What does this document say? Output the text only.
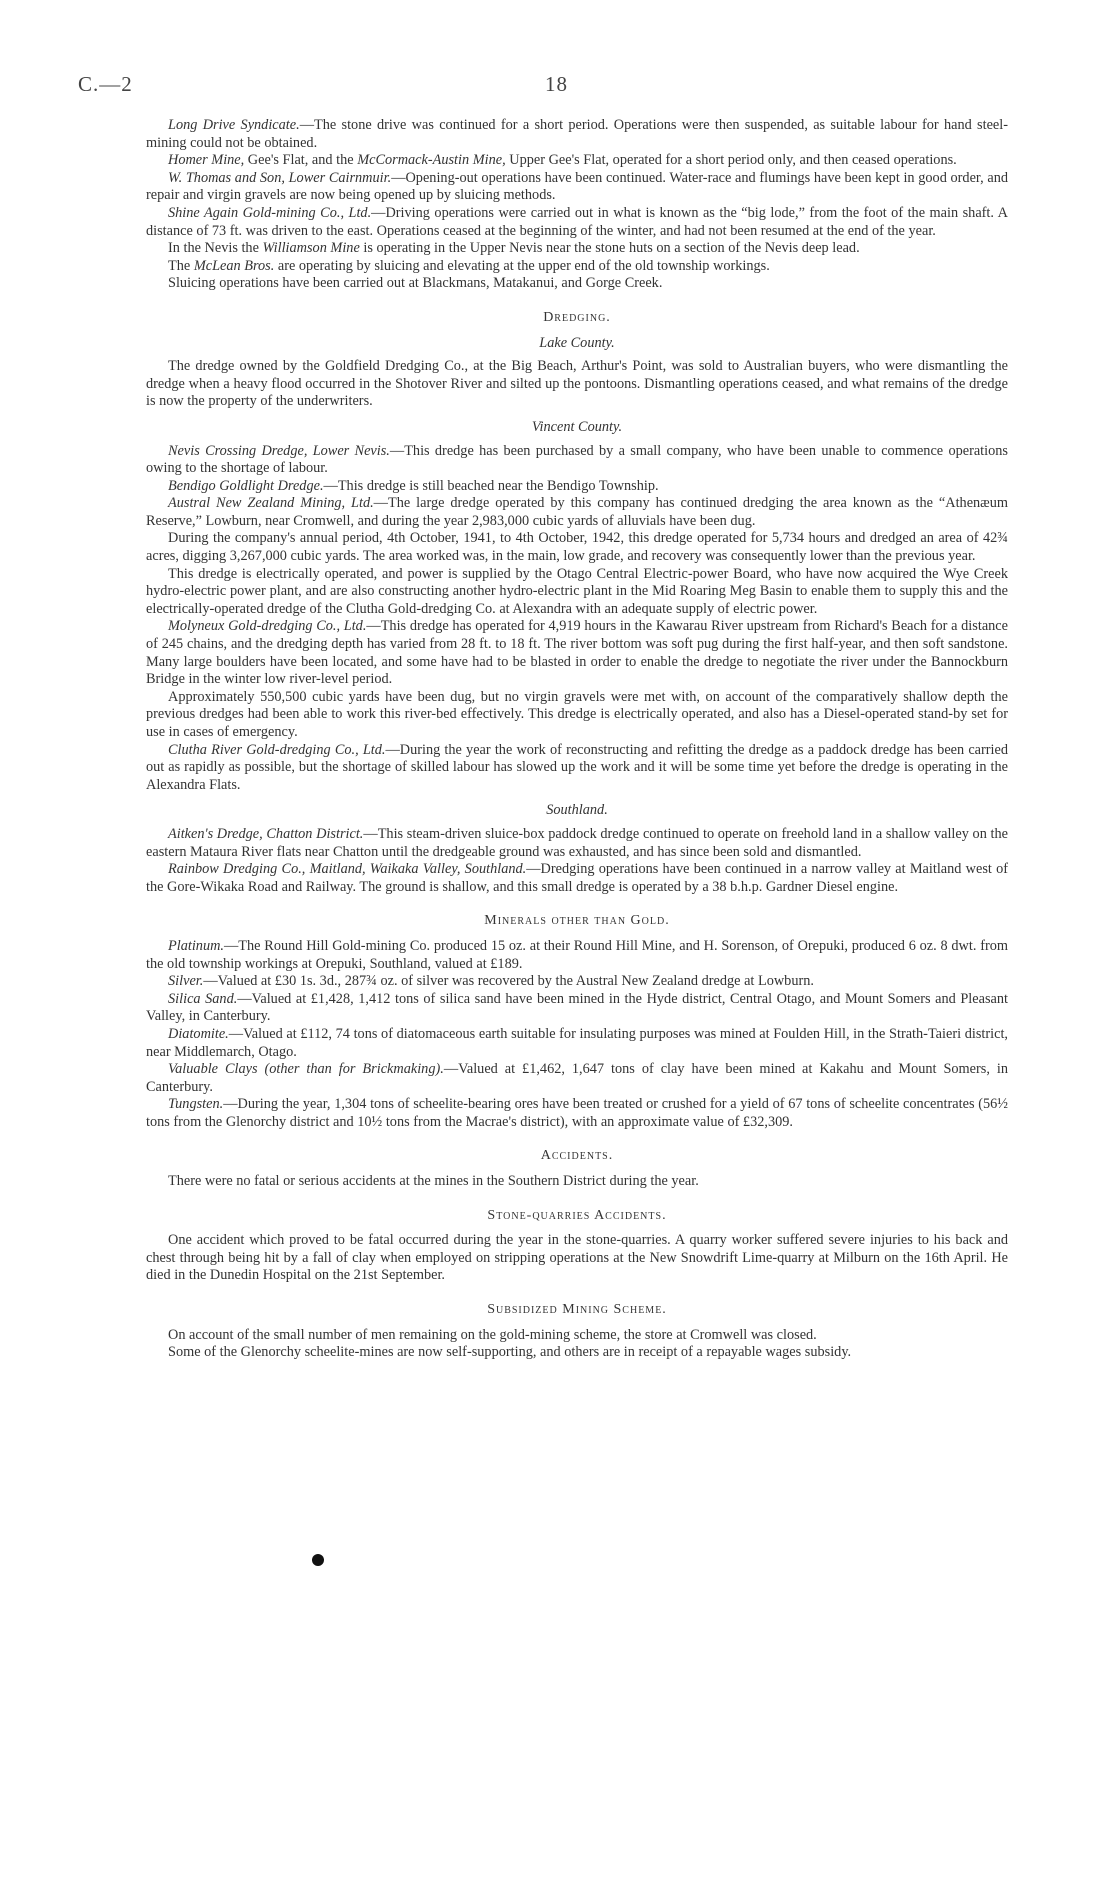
C.—2	18

Long Drive Syndicate.—The stone drive was continued for a short period. Operations were then suspended, as suitable labour for hand steel-mining could not be obtained.

Homer Mine, Gee's Flat, and the McCormack-Austin Mine, Upper Gee's Flat, operated for a short period only, and then ceased operations.

W. Thomas and Son, Lower Cairnmuir.—Opening-out operations have been continued. Water-race and flumings have been kept in good order, and repair and virgin gravels are now being opened up by sluicing methods.

Shine Again Gold-mining Co., Ltd.—Driving operations were carried out in what is known as the “big lode,” from the foot of the main shaft. A distance of 73 ft. was driven to the east. Operations ceased at the beginning of the winter, and had not been resumed at the end of the year.

In the Nevis the Williamson Mine is operating in the Upper Nevis near the stone huts on a section of the Nevis deep lead.

The McLean Bros. are operating by sluicing and elevating at the upper end of the old township workings.

Sluicing operations have been carried out at Blackmans, Matakanui, and Gorge Creek.

Dredging.
Lake County.

The dredge owned by the Goldfield Dredging Co., at the Big Beach, Arthur's Point, was sold to Australian buyers, who were dismantling the dredge when a heavy flood occurred in the Shotover River and silted up the pontoons. Dismantling operations ceased, and what remains of the dredge is now the property of the underwriters.

Vincent County.

Nevis Crossing Dredge, Lower Nevis.—This dredge has been purchased by a small company, who have been unable to commence operations owing to the shortage of labour.

Bendigo Goldlight Dredge.—This dredge is still beached near the Bendigo Township.

Austral New Zealand Mining, Ltd.—The large dredge operated by this company has continued dredging the area known as the “Athenæum Reserve,” Lowburn, near Cromwell, and during the year 2,983,000 cubic yards of alluvials have been dug.

During the company's annual period, 4th October, 1941, to 4th October, 1942, this dredge operated for 5,734 hours and dredged an area of 42¾ acres, digging 3,267,000 cubic yards. The area worked was, in the main, low grade, and recovery was consequently lower than the previous year.

This dredge is electrically operated, and power is supplied by the Otago Central Electric-power Board, who have now acquired the Wye Creek hydro-electric power plant, and are also constructing another hydro-electric plant in the Mid Roaring Meg Basin to enable them to supply this and the electrically-operated dredge of the Clutha Gold-dredging Co. at Alexandra with an adequate supply of electric power.

Molyneux Gold-dredging Co., Ltd.—This dredge has operated for 4,919 hours in the Kawarau River upstream from Richard's Beach for a distance of 245 chains, and the dredging depth has varied from 28 ft. to 18 ft. The river bottom was soft pug during the first half-year, and then soft sandstone. Many large boulders have been located, and some have had to be blasted in order to enable the dredge to negotiate the river under the Bannockburn Bridge in the winter low river-level period.

Approximately 550,500 cubic yards have been dug, but no virgin gravels were met with, on account of the comparatively shallow depth the previous dredges had been able to work this river-bed effectively. This dredge is electrically operated, and also has a Diesel-operated stand-by set for use in cases of emergency.

Clutha River Gold-dredging Co., Ltd.—During the year the work of reconstructing and refitting the dredge as a paddock dredge has been carried out as rapidly as possible, but the shortage of skilled labour has slowed up the work and it will be some time yet before the dredge is operating in the Alexandra Flats.

Southland.

Aitken's Dredge, Chatton District.—This steam-driven sluice-box paddock dredge continued to operate on freehold land in a shallow valley on the eastern Mataura River flats near Chatton until the dredgeable ground was exhausted, and has since been sold and dismantled.

Rainbow Dredging Co., Maitland, Waikaka Valley, Southland.—Dredging operations have been continued in a narrow valley at Maitland west of the Gore-Wikaka Road and Railway. The ground is shallow, and this small dredge is operated by a 38 b.h.p. Gardner Diesel engine.

Minerals other than Gold.

Platinum.—The Round Hill Gold-mining Co. produced 15 oz. at their Round Hill Mine, and H. Sorenson, of Orepuki, produced 6 oz. 8 dwt. from the old township workings at Orepuki, Southland, valued at £189.

Silver.—Valued at £30 1s. 3d., 287¾ oz. of silver was recovered by the Austral New Zealand dredge at Lowburn.

Silica Sand.—Valued at £1,428, 1,412 tons of silica sand have been mined in the Hyde district, Central Otago, and Mount Somers and Pleasant Valley, in Canterbury.

Diatomite.—Valued at £112, 74 tons of diatomaceous earth suitable for insulating purposes was mined at Foulden Hill, in the Strath-Taieri district, near Middlemarch, Otago.

Valuable Clays (other than for Brickmaking).—Valued at £1,462, 1,647 tons of clay have been mined at Kakahu and Mount Somers, in Canterbury.

Tungsten.—During the year, 1,304 tons of scheelite-bearing ores have been treated or crushed for a yield of 67 tons of scheelite concentrates (56½ tons from the Glenorchy district and 10½ tons from the Macrae's district), with an approximate value of £32,309.

Accidents.

There were no fatal or serious accidents at the mines in the Southern District during the year.

Stone-quarries Accidents.

One accident which proved to be fatal occurred during the year in the stone-quarries. A quarry worker suffered severe injuries to his back and chest through being hit by a fall of clay when employed on stripping operations at the New Snowdrift Lime-quarry at Milburn on the 16th April. He died in the Dunedin Hospital on the 21st September.

Subsidized Mining Scheme.

On account of the small number of men remaining on the gold-mining scheme, the store at Cromwell was closed.

Some of the Glenorchy scheelite-mines are now self-supporting, and others are in receipt of a repayable wages subsidy.
